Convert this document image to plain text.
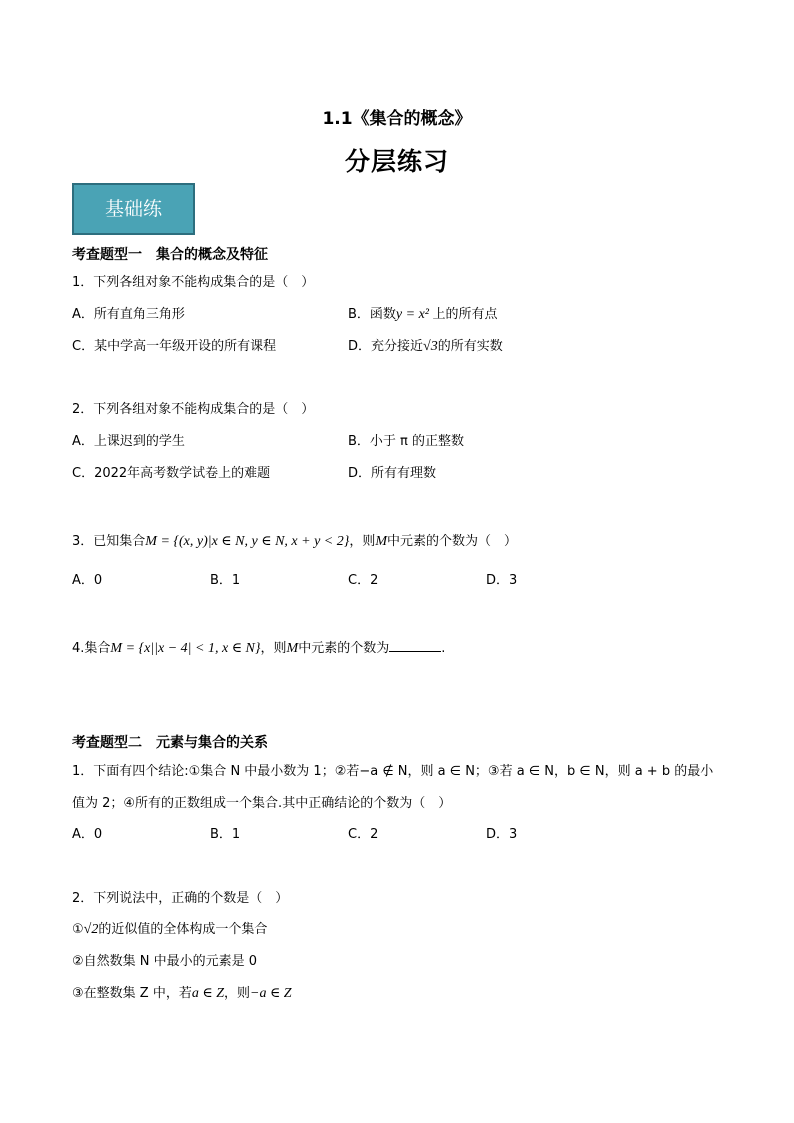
1.1《集合的概念》
分层练习
基础练
考查题型一　集合的概念及特征
1．下列各组对象不能构成集合的是（　）
A．所有直角三角形	B．函数y = x² 上的所有点
C．某中学高一年级开设的所有课程	D．充分接近√3的所有实数
2．下列各组对象不能构成集合的是（　）
A．上课迟到的学生	B．小于 π 的正整数
C．2022年高考数学试卷上的难题	D．所有有理数
3．已知集合M = {(x, y)|x ∈ N, y ∈ N, x + y < 2}，则M中元素的个数为（　）
A．0	B．1	C．2	D．3
4.集合M = {x||x − 4| < 1, x ∈ N}，则M中元素的个数为	.
考查题型二　元素与集合的关系
1．下面有四个结论:①集合 N 中最小数为 1；②若−a ∉ N，则 a ∈ N；③若 a ∈ N，b ∈ N，则 a + b 的最小
值为 2；④所有的正数组成一个集合.其中正确结论的个数为（　）
A．0	B．1	C．2	D．3
2．下列说法中，正确的个数是（　）
①√2的近似值的全体构成一个集合
②自然数集 N 中最小的元素是 0
③在整数集 Z 中，若a ∈ Z，则−a ∈ Z
